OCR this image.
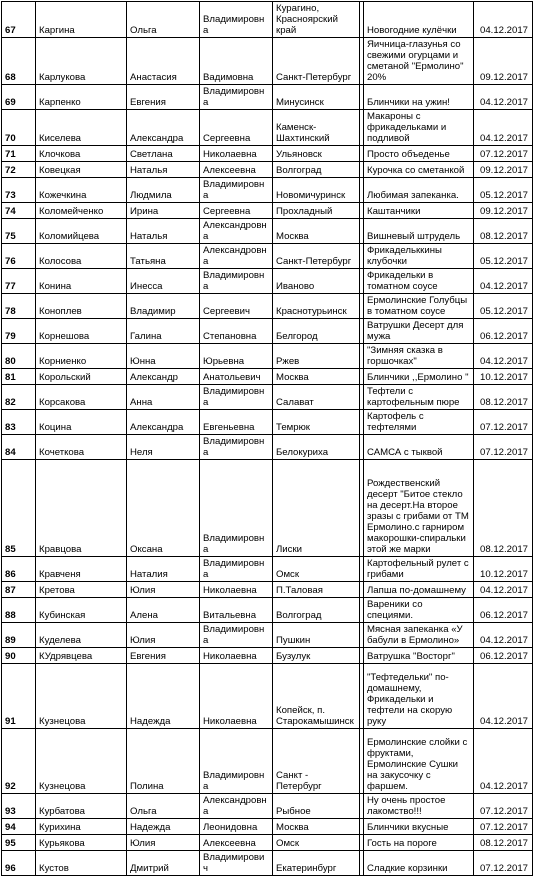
67	Каргина	Ольга	Владимировна	Курагино, Красноярский край		Новогодние кулёчки	04.12.2017
68	Карлукова	Анастасия	Вадимовна	Санкт-Петербург		Яичница-глазунья со свежими огурцами и сметаной "Ермолино" 20%	09.12.2017
69	Карпенко	Евгения	Владимировна	Минусинск		Блинчики на ужин!	04.12.2017
70	Киселева	Александра	Сергеевна	Каменск-Шахтинский		Макароны с фрикадельками и подливой	04.12.2017
71	Клочкова	Светлана	Николаевна	Ульяновск		Просто объеденье	07.12.2017
72	Ковецкая	Наталья	Алексеевна	Волгоград		Курочка со сметанкой	09.12.2017
73	Кожечкина	Людмила	Владимировна	Новомичуринск		Любимая запеканка.	05.12.2017
74	Коломейченко	Ирина	Сергеевна	Прохладный		Каштанчики	09.12.2017
75	Коломийцева	Наталья	Александровна	Москва		Вишневый штрудель	08.12.2017
76	Колосова	Татьяна	Александровна	Санкт-Петербург		Фрикадельккины клубочки	05.12.2017
77	Конина	Инесса	Владимировна	Иваново		Фрикадельки в томатном соусе	04.12.2017
78	Коноплев	Владимир	Сергеевич	Краснотурьинск		Ермолинские Голубцы в томатном соусе	05.12.2017
79	Корнешова	Галина	Степановна	Белгород		Ватрушки Десерт для мужа	06.12.2017
80	Корниенко	Юнна	Юрьевна	Ржев		"Зимняя сказка в горшочках"	04.12.2017
81	Корольский	Александр	Анатольевич	Москва		Блинчики ,,Ермолино "	10.12.2017
82	Корсакова	Анна	Владимировна	Салават		Тефтели с картофельным пюре	08.12.2017
83	Коцина	Александра	Евгеньевна	Темрюк		Картофель с тефтелями	07.12.2017
84	Кочеткова	Неля	Владимировна	Белокуриха		САМСА с тыквой	07.12.2017
85	Кравцова	Оксана	Владимировна	Лиски		Рождественский десерт "Битое стекло на десерт.На второе зразы с грибами от ТМ Ермолино.с гарниром макорошки-спиральки этой же марки	08.12.2017
86	Кравченя	Наталия	Владимировна	Омск		Картофельный рулет с грибами	10.12.2017
87	Кретова	Юлия	Николаевна	П.Таловая		Лапша по-домашнему	04.12.2017
88	Кубинская	Алена	Витальевна	Волгоград		Вареники со специями.	06.12.2017
89	Куделева	Юлия	Владимировна	Пушкин		Мясная запеканка «У бабули в Ермолино»	04.12.2017
90	КУдрявцева	Евгения	Николаевна	Бузулук		Ватрушка "Восторг"	06.12.2017
91	Кузнецова	Надежда	Николаевна	Копейск, п. Старокамышинск		"Тефтедельки" по-домашнему, Фрикадельки и тефтели на скорую руку	04.12.2017
92	Кузнецова	Полина	Владимировна	Санкт - Петербург		Ермолинские слойки с фруктами, Ермолинские Сушки на закусочку с фаршем.	04.12.2017
93	Курбатова	Ольга	Александровна	Рыбное		Ну очень простое лакомство!!!	07.12.2017
94	Курихина	Надежда	Леонидовна	Москва		Блинчики вкусные	07.12.2017
95	Курьякова	Юлия	Алексеевна	Омск		Гость на пороге	08.12.2017
96	Кустов	Дмитрий	Владимирович	Екатеринбург		Сладкие корзинки	07.12.2017
